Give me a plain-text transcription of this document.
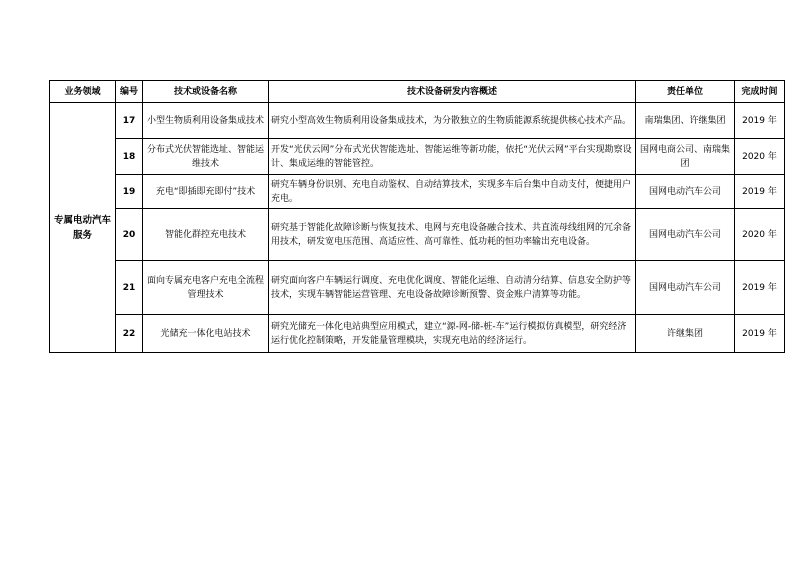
业务领域	编号	技术或设备名称	技术设备研发内容概述	责任单位	完成时间
专属电动汽车服务	17	小型生物质利用设备集成技术	研究小型高效生物质利用设备集成技术，为分散独立的生物质能源系统提供核心技术产品。	南瑞集团、许继集团	2019 年
	18	分布式光伏智能选址、智能运维技术	开发“光伏云网”分布式光伏智能选址、智能运维等新功能，依托“光伏云网”平台实现勘察设计、集成运维的智能管控。	国网电商公司、南瑞集团	2020 年
	19	充电“即插即充即付”技术	研究车辆身份识别、充电自动鉴权、自动结算技术，实现多车后台集中自动支付，便捷用户充电。	国网电动汽车公司	2019 年
	20	智能化群控充电技术	研究基于智能化故障诊断与恢复技术、电网与充电设备融合技术、共直流母线组网的冗余备用技术，研发宽电压范围、高适应性、高可靠性、低功耗的恒功率输出充电设备。	国网电动汽车公司	2020 年
	21	面向专属充电客户充电全流程管理技术	研究面向客户车辆运行调度、充电优化调度、智能化运维、自动清分结算、信息安全防护等技术，实现车辆智能运营管理、充电设备故障诊断预警、资金账户清算等功能。	国网电动汽车公司	2019 年
	22	光储充一体化电站技术	研究光储充一体化电站典型应用模式，建立“源-网-储-桩-车”运行模拟仿真模型，研究经济运行优化控制策略，开发能量管理模块，实现充电站的经济运行。	许继集团	2019 年
